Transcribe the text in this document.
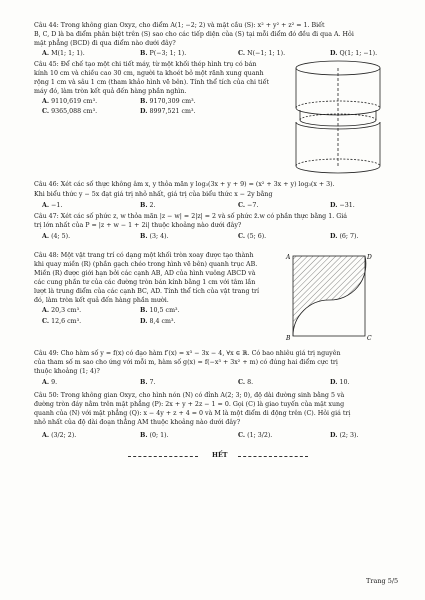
Câu 44: Trong không gian Oxyz, cho điểm A(1; −2; 2) và mặt cầu (S): x² + y² + z² = 1. Biết
B, C, D là ba điểm phân biệt trên (S) sao cho các tiếp diện của (S) tại mỗi điểm đó đều đi qua A. Hỏi
mặt phẳng (BCD) đi qua điểm nào dưới đây?
A. M(1; 1; 1).	B. P(−3; 1; 1).	C. N(−1; 1; 1).	D. Q(1; 1; −1).
Câu 45: Để chế tạo một chi tiết máy, từ một khối thép hình trụ có bán
kính 10 cm và chiều cao 30 cm, người ta khoét bỏ một rãnh xung quanh
rộng 1 cm và sâu 1 cm (tham khảo hình vẽ bên). Tính thể tích của chi tiết
máy đó, làm tròn kết quả đến hàng phần nghìn.
A. 9110,619 cm³.	B. 9170,309 cm³.
C. 9365,088 cm³.	D. 8997,521 cm³.
Câu 46: Xét các số thực không âm x, y thỏa mãn y log₃(3x + y + 9) = (x² + 3x + y) log₃(x + 3).
Khi biểu thức y − 5x đạt giá trị nhỏ nhất, giá trị của biểu thức x − 2y bằng
A. −1.	B. 2.	C. −7.	D. −31.
Câu 47: Xét các số phức z, w thỏa mãn |z − w| = 2|z| = 2 và số phức z̄.w có phần thực bằng 1. Giá
trị lớn nhất của P = |z + w − 1 + 2i| thuộc khoảng nào dưới đây?
A. (4; 5).	B. (3; 4).	C. (5; 6).	D. (6; 7).
Câu 48: Một vật trang trí có dạng một khối tròn xoay được tạo thành
khi quay miền (R) (phần gạch chéo trong hình vẽ bên) quanh trục AB.
Miền (R) được giới hạn bởi các cạnh AB, AD của hình vuông ABCD và
các cung phần tư của các đường tròn bán kính bằng 1 cm với tâm lần
lượt là trung điểm của các cạnh BC, AD. Tính thể tích của vật trang trí
đó, làm tròn kết quả đến hàng phần mười.
A. 20,3 cm³.	B. 10,5 cm³.
C. 12,6 cm³.	D. 8,4 cm³.
A	D
B	C
Câu 49: Cho hàm số y = f(x) có đạo hàm f′(x) = x³ − 3x − 4, ∀x ∈ ℝ. Có bao nhiêu giá trị nguyên
của tham số m sao cho ứng với mỗi m, hàm số g(x) = f(−x³ + 3x² + m) có đúng hai điểm cực trị
thuộc khoảng (1; 4)?
A. 9.	B. 7.	C. 8.	D. 10.
Câu 50: Trong không gian Oxyz, cho hình nón (N) có đỉnh A(2; 3; 0), độ dài đường sinh bằng 5 và
đường tròn đáy nằm trên mặt phẳng (P): 2x + y + 2z − 1 = 0. Gọi (C) là giao tuyến của mặt xung
quanh của (N) với mặt phẳng (Q): x − 4y + z + 4 = 0 và M là một điểm di động trên (C). Hỏi giá trị
nhỏ nhất của độ dài đoạn thẳng AM thuộc khoảng nào dưới đây?
A. (3/2; 2).	B. (0; 1).	C. (1; 3/2).	D. (2; 3).
HẾT
Trang 5/5
